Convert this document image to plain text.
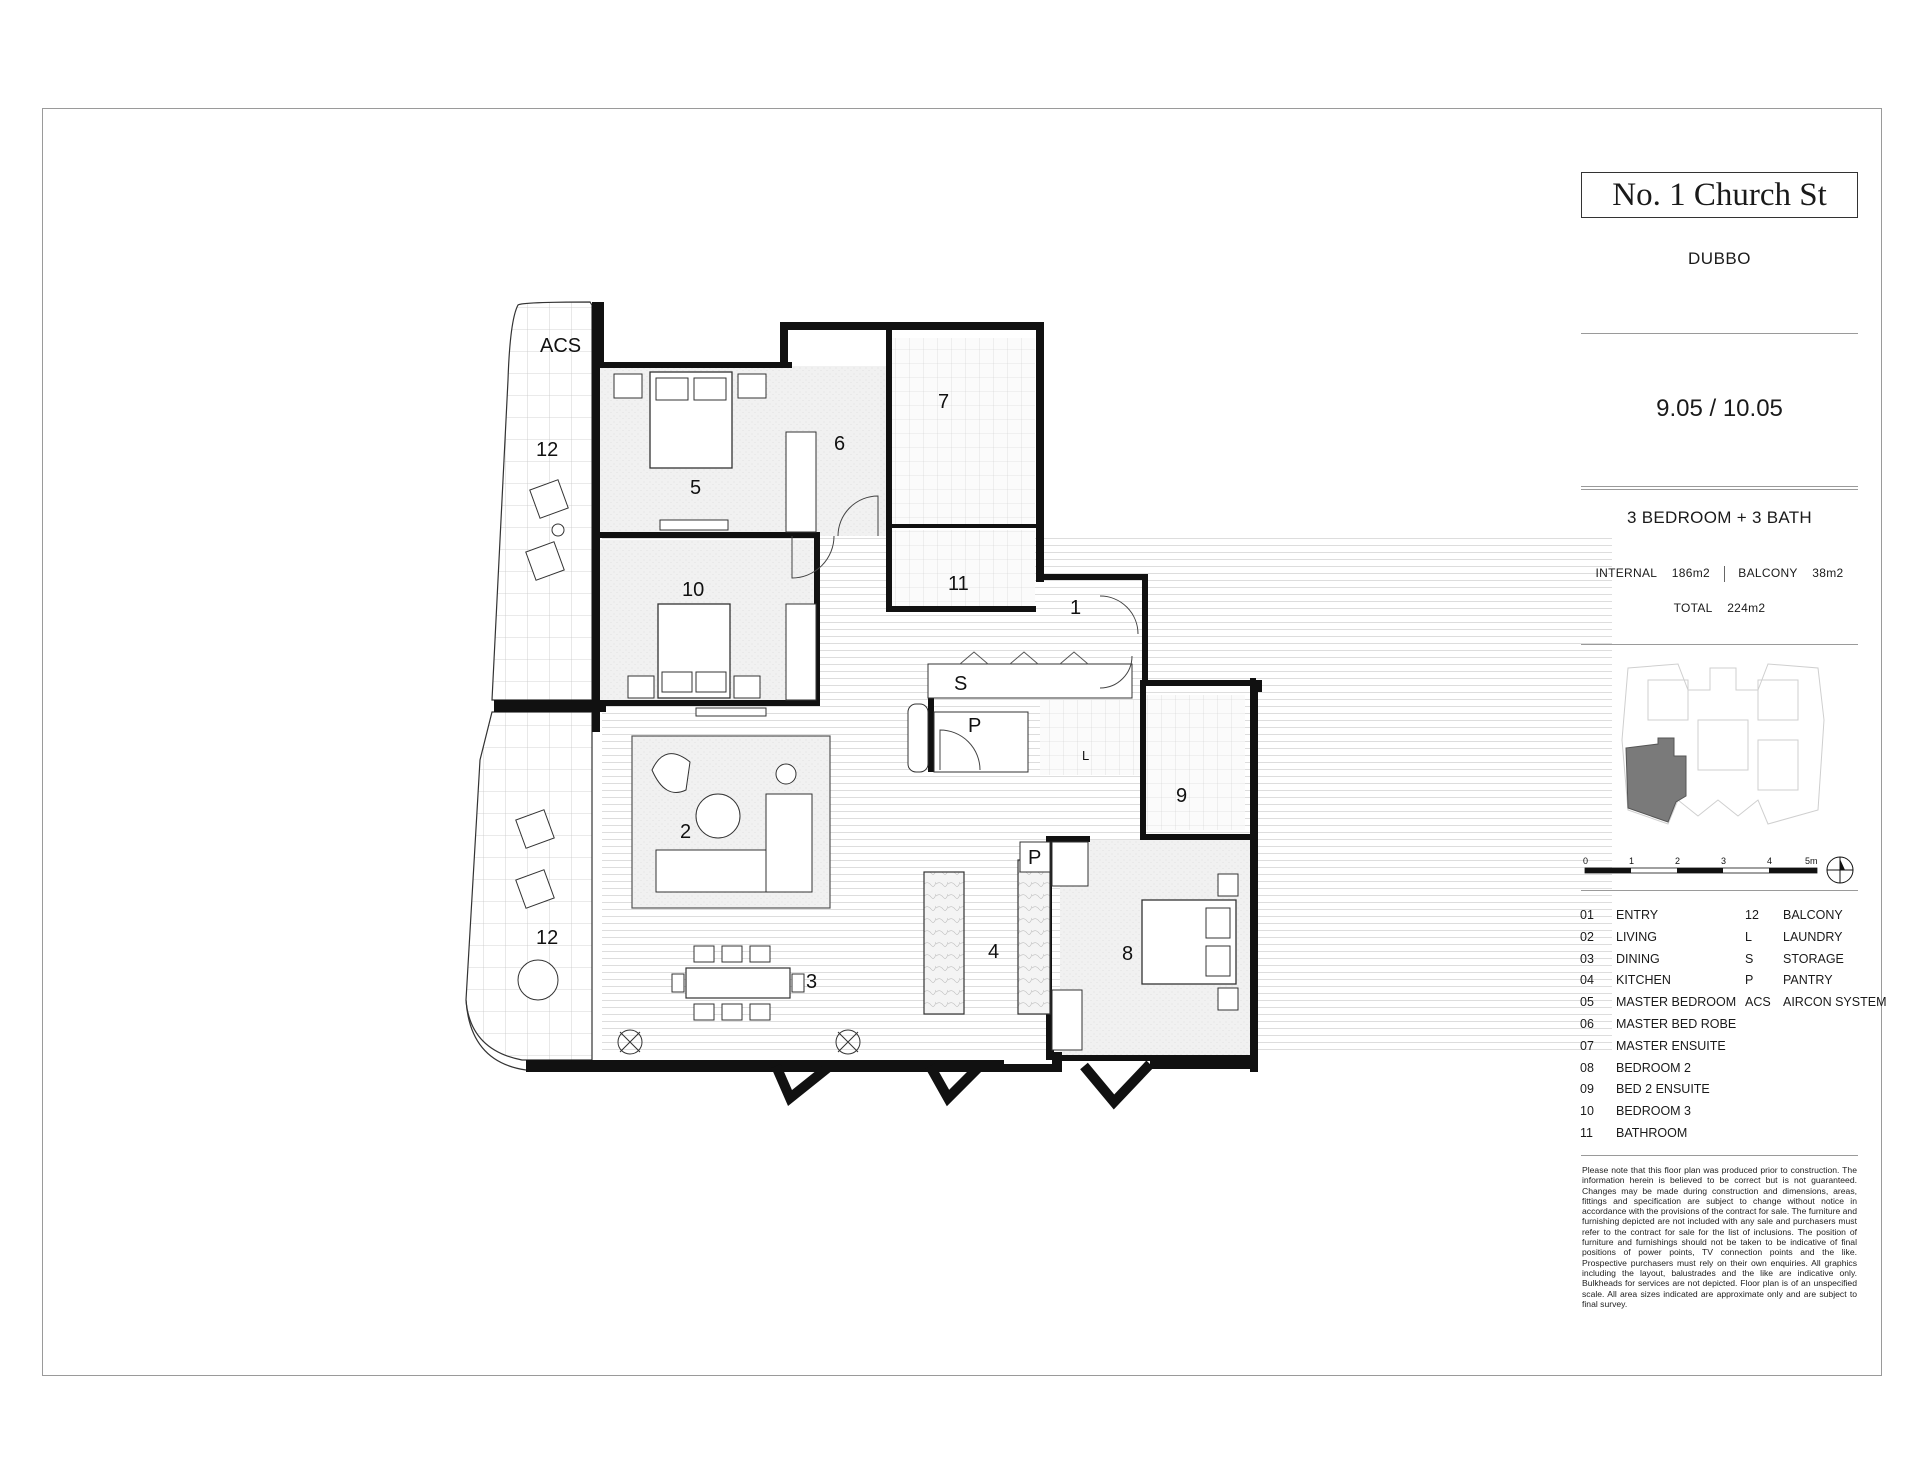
ACS
12
5
6
7
11
10
1
S
P
L
9
2
P
4
3
8
12
No. 1 Church St
DUBBO
9.05 / 10.05
3 BEDROOM + 3 BATH
INTERNAL 186m2 BALCONY 38m2
TOTAL 224m2
0	1	2	3	4	5m
01 ENTRY
02 LIVING
03 DINING
04 KITCHEN
05 MASTER BEDROOM
06 MASTER BED ROBE
07 MASTER ENSUITE
08 BEDROOM 2
09 BED 2 ENSUITE
10 BEDROOM 3
11 BATHROOM
12 BALCONY
L LAUNDRY
S STORAGE
P PANTRY
ACS AIRCON SYSTEM
Please note that this floor plan was produced prior to construction. The information herein is believed to be correct but is not guaranteed. Changes may be made during construction and dimensions, areas, fittings and specification are subject to change without notice in accordance with the provisions of the contract for sale. The furniture and furnishing depicted are not included with any sale and purchasers must refer to the contract for sale for the list of inclusions. The position of furniture and furnishings should not be taken to be indicative of final positions of power points, TV connection points and the like. Prospective purchasers must rely on their own enquiries. All graphics including the layout, balustrades and the like are indicative only. Bulkheads for services are not depicted. Floor plan is of an unspecified scale. All area sizes indicated are approximate only and are subject to final survey.
